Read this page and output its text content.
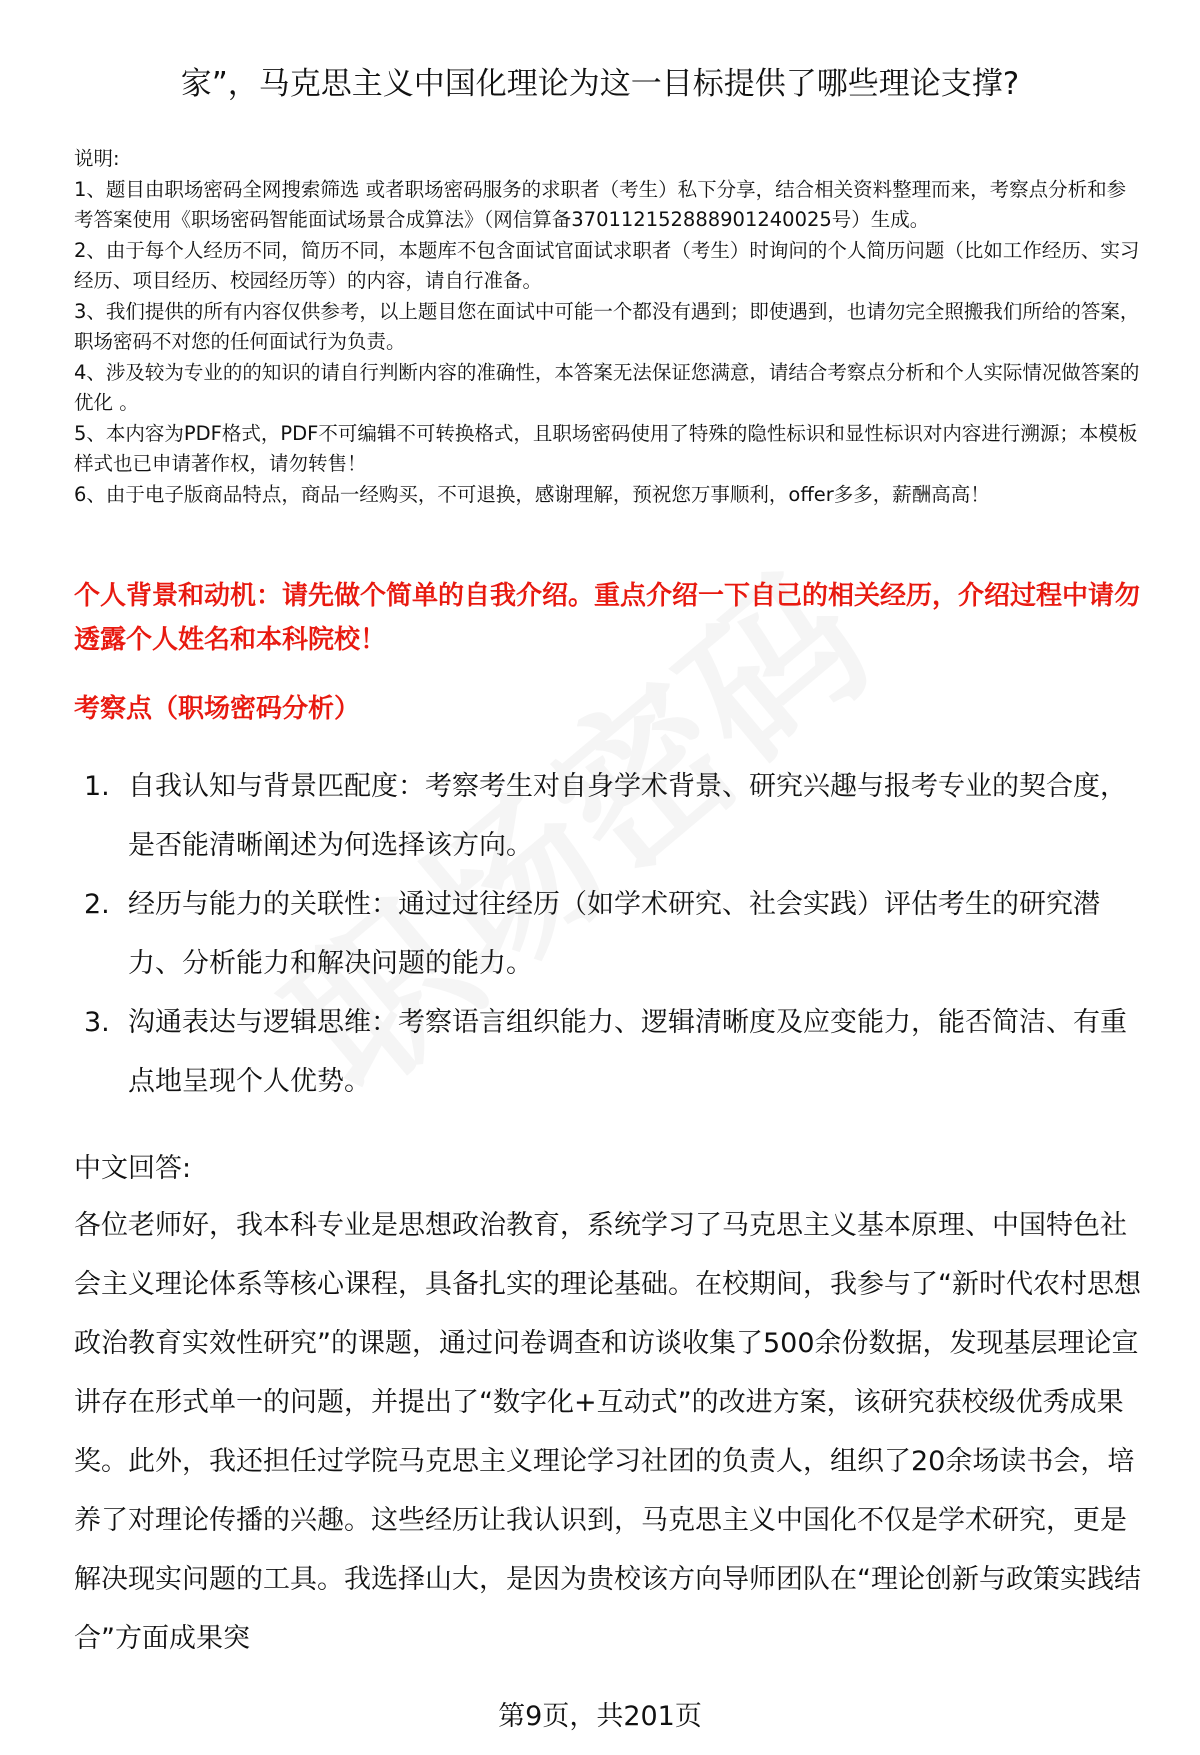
家”，马克思主义中国化理论为这一目标提供了哪些理论支撑?
说明:
1、题目由职场密码全网搜索筛选 或者职场密码服务的求职者（考生）私下分享，结合相关资料整理而来，考察点分析和参考答案使用《职场密码智能面试场景合成算法》（网信算备370112152888901240025号）生成。
2、由于每个人经历不同，简历不同，本题库不包含面试官面试求职者（考生）时询问的个人简历问题（比如工作经历、实习经历、项目经历、校园经历等）的内容，请自行准备。
3、我们提供的所有内容仅供参考，以上题目您在面试中可能一个都没有遇到；即使遇到，也请勿完全照搬我们所给的答案，职场密码不对您的任何面试行为负责。
4、涉及较为专业的的知识的请自行判断内容的准确性，本答案无法保证您满意，请结合考察点分析和个人实际情况做答案的优化 。
5、本内容为PDF格式，PDF不可编辑不可转换格式，且职场密码使用了特殊的隐性标识和显性标识对内容进行溯源；本模板样式也已申请著作权，请勿转售！
6、由于电子版商品特点，商品一经购买，不可退换，感谢理解，预祝您万事顺利，offer多多，薪酬高高！
个人背景和动机：请先做个简单的自我介绍。重点介绍一下自己的相关经历，介绍过程中请勿透露个人姓名和本科院校！
考察点（职场密码分析）
1. 自我认知与背景匹配度：考察考生对自身学术背景、研究兴趣与报考专业的契合度，是否能清晰阐述为何选择该方向。
2. 经历与能力的关联性：通过过往经历（如学术研究、社会实践）评估考生的研究潜力、分析能力和解决问题的能力。
3. 沟通表达与逻辑思维：考察语言组织能力、逻辑清晰度及应变能力，能否简洁、有重点地呈现个人优势。
中文回答:
各位老师好，我本科专业是思想政治教育，系统学习了马克思主义基本原理、中国特色社会主义理论体系等核心课程，具备扎实的理论基础。在校期间，我参与了“新时代农村思想政治教育实效性研究”的课题，通过问卷调查和访谈收集了500余份数据，发现基层理论宣讲存在形式单一的问题，并提出了“数字化+互动式”的改进方案，该研究获校级优秀成果奖。此外，我还担任过学院马克思主义理论学习社团的负责人，组织了20余场读书会，培养了对理论传播的兴趣。这些经历让我认识到，马克思主义中国化不仅是学术研究，更是解决现实问题的工具。我选择山大，是因为贵校该方向导师团队在“理论创新与政策实践结合”方面成果突
第9页，共201页
